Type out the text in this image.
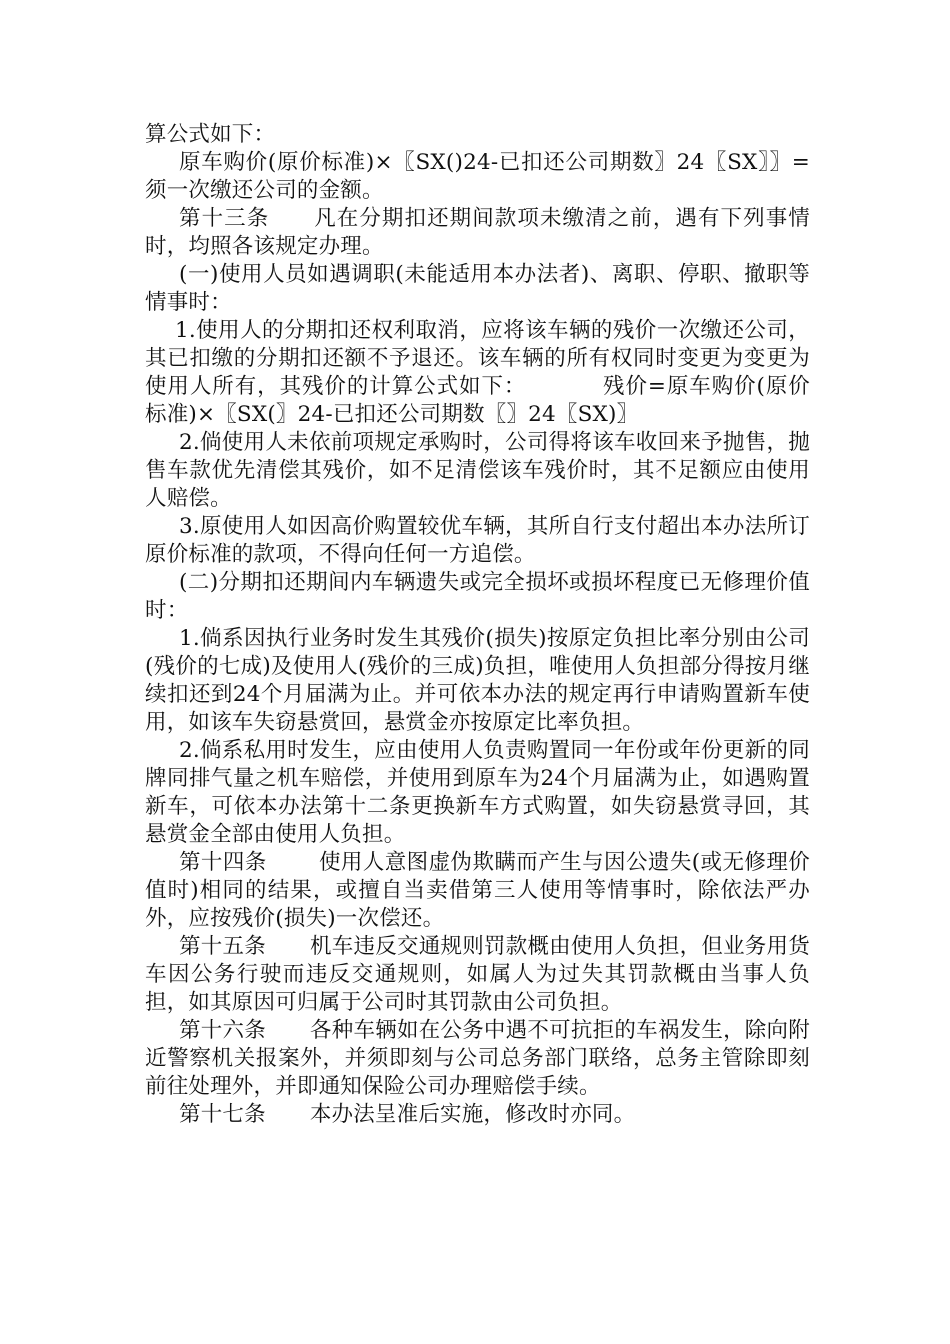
算公式如下：

原车购价(原价标准)×〖SX()24-已扣还公司期数〗24〖SX〗〗=须一次缴还公司的金额。

第十三条 凡在分期扣还期间款项未缴清之前，遇有下列事情时，均照各该规定办理。

(一)使用人员如遇调职(未能适用本办法者)、离职、停职、撤职等情事时：

1.使用人的分期扣还权利取消，应将该车辆的残价一次缴还公司，其已扣缴的分期扣还额不予退还。该车辆的所有权同时变更为变更为使用人所有，其残价的计算公式如下：	残价=原车购价(原价标准)×〖SX(〗24-已扣还公司期数〖〗24〖SX)〗

2.倘使用人未依前项规定承购时，公司得将该车收回来予抛售，抛售车款优先清偿其残价，如不足清偿该车残价时，其不足额应由使用人赔偿。

3.原使用人如因高价购置较优车辆，其所自行支付超出本办法所订原价标准的款项，不得向任何一方追偿。

(二)分期扣还期间内车辆遗失或完全损坏或损坏程度已无修理价值时：

1.倘系因执行业务时发生其残价(损失)按原定负担比率分别由公司(残价的七成)及使用人(残价的三成)负担，唯使用人负担部分得按月继续扣还到24个月届满为止。并可依本办法的规定再行申请购置新车使用，如该车失窃悬赏回，悬赏金亦按原定比率负担。

2.倘系私用时发生，应由使用人负责购置同一年份或年份更新的同牌同排气量之机车赔偿，并使用到原车为24个月届满为止，如遇购置新车，可依本办法第十二条更换新车方式购置，如失窃悬赏寻回，其悬赏金全部由使用人负担。

第十四条 使用人意图虚伪欺瞒而产生与因公遗失(或无修理价值时)相同的结果，或擅自当卖借第三人使用等情事时，除依法严办外，应按残价(损失)一次偿还。

第十五条 机车违反交通规则罚款概由使用人负担，但业务用货车因公务行驶而违反交通规则，如属人为过失其罚款概由当事人负担，如其原因可归属于公司时其罚款由公司负担。

第十六条 各种车辆如在公务中遇不可抗拒的车祸发生，除向附近警察机关报案外，并须即刻与公司总务部门联络，总务主管除即刻前往处理外，并即通知保险公司办理赔偿手续。

第十七条 本办法呈准后实施，修改时亦同。
